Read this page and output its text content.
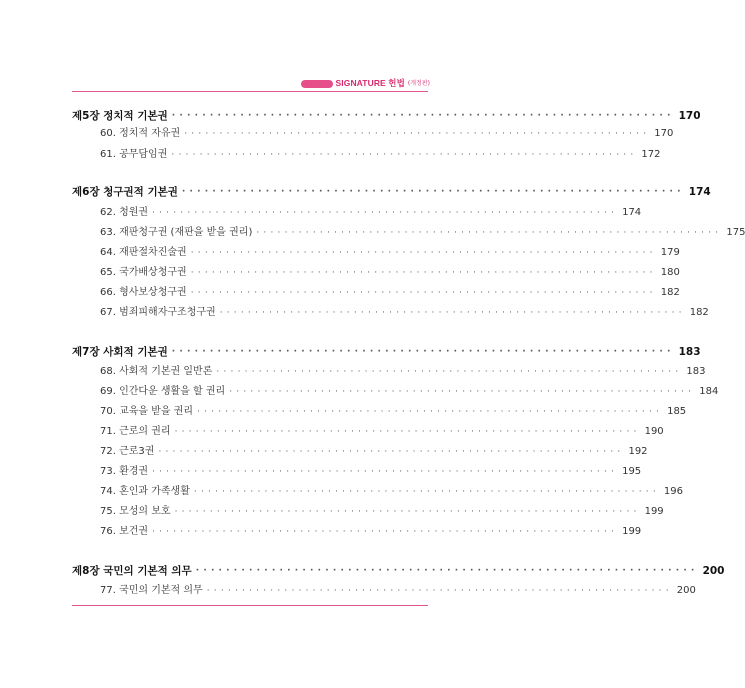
SIGNATURE 헌법 (개정판)
제5장 정치적 기본권 ·································································· 170
60. 정치적 자유권 ·································································· 170
61. 공무담임권 ·································································· 172
제6장 청구권적 기본권 ·································································· 174
62. 청원권 ·································································· 174
63. 재판청구권 (재판을 받을 권리) ·································································· 175
64. 재판절차진술권 ·································································· 179
65. 국가배상청구권 ·································································· 180
66. 형사보상청구권 ·································································· 182
67. 범죄피해자구조청구권 ·································································· 182
제7장 사회적 기본권 ·································································· 183
68. 사회적 기본권 일반론 ·································································· 183
69. 인간다운 생활을 할 권리 ·································································· 184
70. 교육을 받을 권리 ·································································· 185
71. 근로의 권리 ·································································· 190
72. 근로3권 ·································································· 192
73. 환경권 ·································································· 195
74. 혼인과 가족생활 ·································································· 196
75. 모성의 보호 ·································································· 199
76. 보건권 ·································································· 199
제8장 국민의 기본적 의무 ·································································· 200
77. 국민의 기본적 의무 ·································································· 200
